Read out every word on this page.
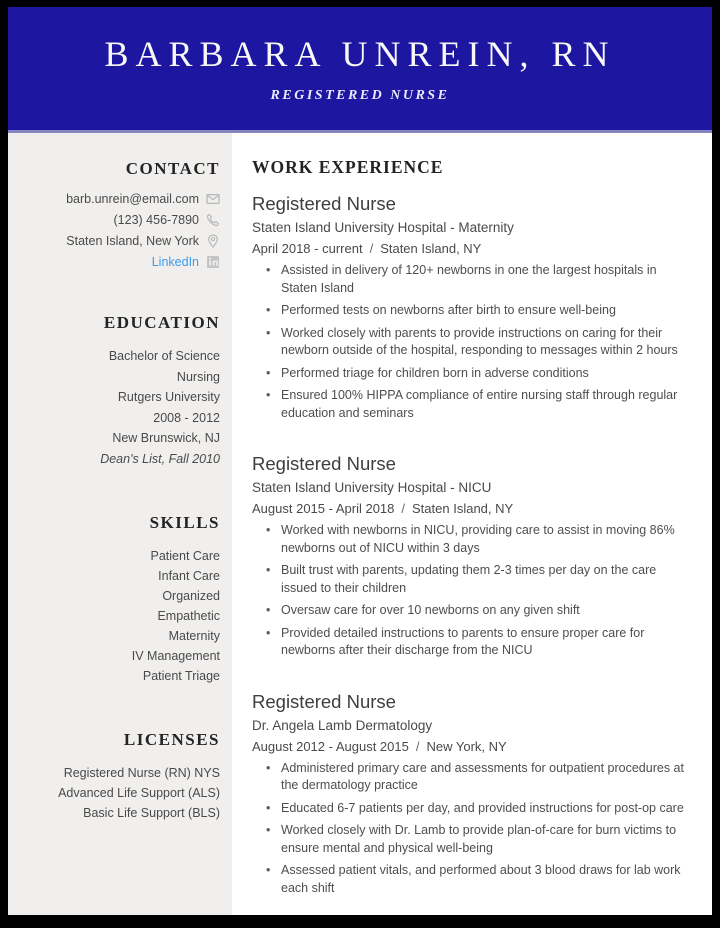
BARBARA UNREIN, RN
REGISTERED NURSE
CONTACT
barb.unrein@email.com
(123) 456-7890
Staten Island, New York
LinkedIn
EDUCATION
Bachelor of Science
Nursing
Rutgers University
2008 - 2012
New Brunswick, NJ
Dean's List, Fall 2010
SKILLS
Patient Care
Infant Care
Organized
Empathetic
Maternity
IV Management
Patient Triage
LICENSES
Registered Nurse (RN) NYS
Advanced Life Support (ALS)
Basic Life Support (BLS)
WORK EXPERIENCE
Registered Nurse
Staten Island University Hospital - Maternity
April 2018 - current / Staten Island, NY
• Assisted in delivery of 120+ newborns in one the largest hospitals in Staten Island
• Performed tests on newborns after birth to ensure well-being
• Worked closely with parents to provide instructions on caring for their newborn outside of the hospital, responding to messages within 2 hours
• Performed triage for children born in adverse conditions
• Ensured 100% HIPPA compliance of entire nursing staff through regular education and seminars
Registered Nurse
Staten Island University Hospital - NICU
August 2015 - April 2018 / Staten Island, NY
• Worked with newborns in NICU, providing care to assist in moving 86% newborns out of NICU within 3 days
• Built trust with parents, updating them 2-3 times per day on the care issued to their children
• Oversaw care for over 10 newborns on any given shift
• Provided detailed instructions to parents to ensure proper care for newborns after their discharge from the NICU
Registered Nurse
Dr. Angela Lamb Dermatology
August 2012 - August 2015 / New York, NY
• Administered primary care and assessments for outpatient procedures at the dermatology practice
• Educated 6-7 patients per day, and provided instructions for post-op care
• Worked closely with Dr. Lamb to provide plan-of-care for burn victims to ensure mental and physical well-being
• Assessed patient vitals, and performed about 3 blood draws for lab work each shift
